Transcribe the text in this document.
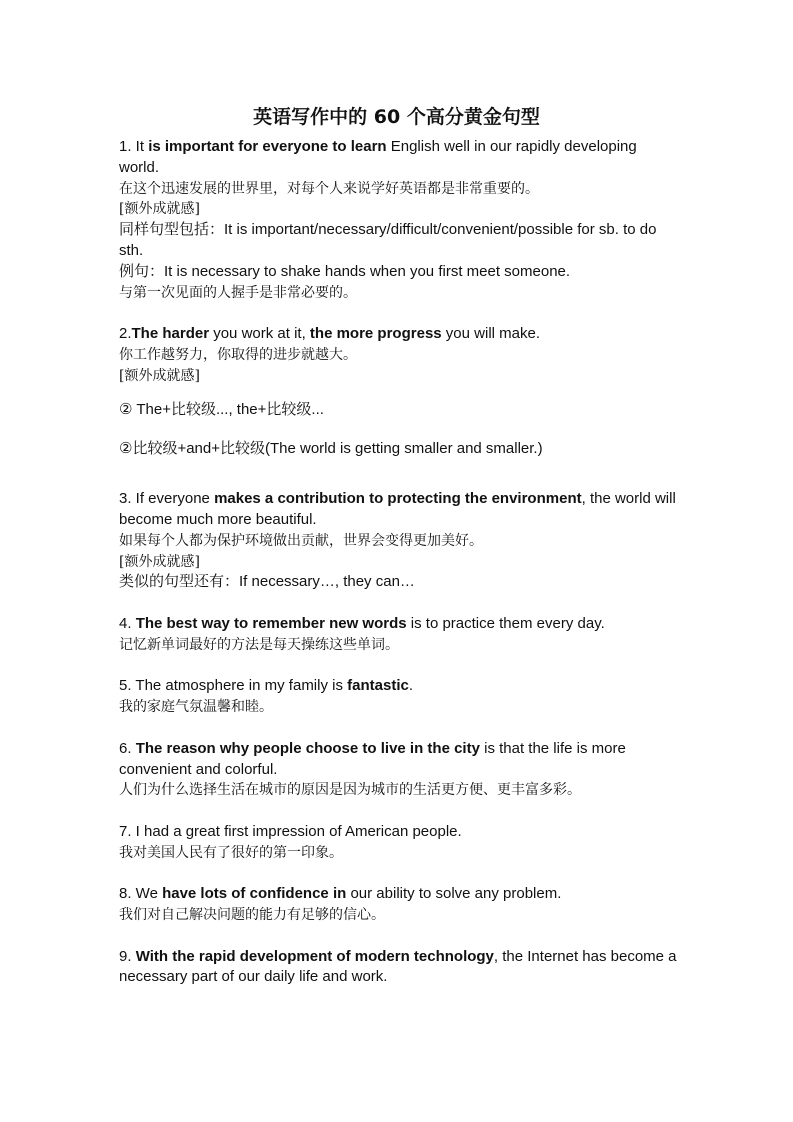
英语写作中的 60 个高分黄金句型
1. It is important for everyone to learn English well in our rapidly developing world.
在这个迅速发展的世界里，对每个人来说学好英语都是非常重要的。
[额外成就感]
同样句型包括：It is important/necessary/difficult/convenient/possible for sb. to do sth.
例句：It is necessary to shake hands when you first meet someone.
与第一次见面的人握手是非常必要的。
2.The harder you work at it, the more progress you will make.
你工作越努力，你取得的进步就越大。
[额外成就感]
② The+比较级..., the+比较级...
②比较级+and+比较级(The world is getting smaller and smaller.)
3. If everyone makes a contribution to protecting the environment, the world will become much more beautiful.
如果每个人都为保护环境做出贡献，世界会变得更加美好。
[额外成就感]
类似的句型还有：If necessary…, they can…
4. The best way to remember new words is to practice them every day.
记忆新单词最好的方法是每天操练这些单词。
5. The atmosphere in my family is fantastic.
我的家庭气氛温馨和睦。
6. The reason why people choose to live in the city is that the life is more convenient and colorful.
人们为什么选择生活在城市的原因是因为城市的生活更方便、更丰富多彩。
7. I had a great first impression of American people.
我对美国人民有了很好的第一印象。
8. We have lots of confidence in our ability to solve any problem.
我们对自己解决问题的能力有足够的信心。
9. With the rapid development of modern technology, the Internet has become a necessary part of our daily life and work.
